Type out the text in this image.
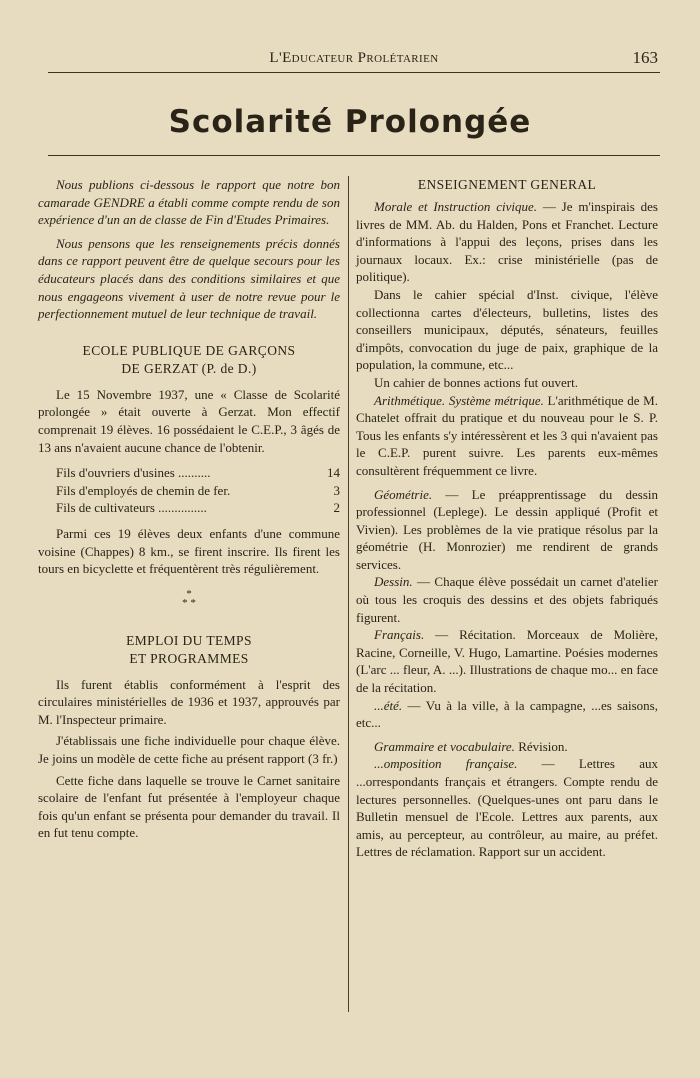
L'Educateur Prolétarien	163
Scolarité Prolongée

Nous publions ci-dessous le rapport que notre bon camarade GENDRE a établi comme compte rendu de son expérience d'un an de classe de Fin d'Etudes Primaires.

Nous pensons que les renseignements précis donnés dans ce rapport peuvent être de quelque secours pour les éducateurs placés dans des conditions similaires et que nous engageons vivement à user de notre revue pour le perfectionnement mutuel de leur technique de travail.

ECOLE PUBLIQUE DE GARÇONS
DE GERZAT (P. de D.)

Le 15 Novembre 1937, une « Classe de Scolarité prolongée » était ouverte à Gerzat. Mon effectif comprenait 19 élèves. 16 possédaient le C.E.P., 3 âgés de 13 ans n'avaient aucune chance de l'obtenir.

Fils d'ouvriers d'usines ..........	14
Fils d'employés de chemin de fer.	3
Fils de cultivateurs ...............	2

Parmi ces 19 élèves deux enfants d'une commune voisine (Chappes) 8 km., se firent inscrire. Ils firent les tours en bicyclette et fréquentèrent très régulièrement.

*
* *
EMPLOI DU TEMPS
ET PROGRAMMES

Ils furent établis conformément à l'esprit des circulaires ministérielles de 1936 et 1937, approuvés par M. l'Inspecteur primaire.

J'établissais une fiche individuelle pour chaque élève. Je joins un modèle de cette fiche au présent rapport (3 fr.)

Cette fiche dans laquelle se trouve le Carnet sanitaire scolaire de l'enfant fut présentée à l'employeur chaque fois qu'un enfant se présenta pour demander du travail. Il en fut tenu compte.

ENSEIGNEMENT GENERAL

Morale et Instruction civique. — Je m'inspirais des livres de MM. Ab. du Halden, Pons et Franchet. Lecture d'informations à l'appui des leçons, prises dans les journaux locaux. Ex.: crise ministérielle (pas de politique).

Dans le cahier spécial d'Inst. civique, l'élève collectionna cartes d'électeurs, bulletins, listes des conseillers municipaux, députés, sénateurs, feuilles d'impôts, convocation du juge de paix, graphique de la population, la commune, etc...

Un cahier de bonnes actions fut ouvert.

Arithmétique. Système métrique. L'arithmétique de M. Chatelet offrait du pratique et du nouveau pour le S. P. Tous les enfants s'y intéressèrent et les 3 qui n'avaient pas le C.E.P. purent suivre. Les parents eux-mêmes consultèrent fréquemment ce livre.

Géométrie. — Le préapprentissage du dessin professionnel (Leplege). Le dessin appliqué (Profit et Vivien). Les problèmes de la vie pratique résolus par la géométrie (H. Monrozier) me rendirent de grands services.

Dessin. — Chaque élève possédait un carnet d'atelier où tous les croquis des dessins et des objets fabriqués figurent.

Français. — Récitation. Morceaux de Molière, Racine, Corneille, V. Hugo, Lamartine. Poésies modernes (L'arc ... fleur, A. ...). Illustrations de chaque mo... en face de la récitation.

...été. — Vu à la ville, à la campagne, ...es saisons, etc...

Grammaire et vocabulaire. Révision.

...omposition française. — Lettres aux ...orrespondants français et étrangers. Compte rendu de lectures personnelles. (Quelques-unes ont paru dans le Bulletin mensuel de l'Ecole. Lettres aux parents, aux amis, au percepteur, au contrôleur, au maire, au préfet. Lettres de réclamation. Rapport sur un accident.
